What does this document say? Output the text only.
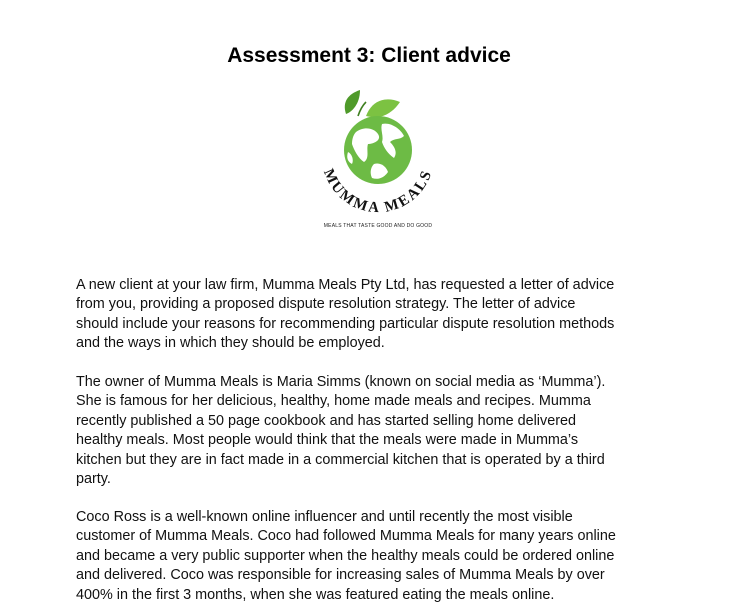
Assessment 3: Client advice
MUMMA MEALS
MEALS THAT TASTE GOOD AND DO GOOD
A new client at your law firm, Mumma Meals Pty Ltd, has requested a letter of advice
from you, providing a proposed dispute resolution strategy. The letter of advice
should include your reasons for recommending particular dispute resolution methods
and the ways in which they should be employed.
The owner of Mumma Meals is Maria Simms (known on social media as ‘Mumma’).
She is famous for her delicious, healthy, home made meals and recipes. Mumma
recently published a 50 page cookbook and has started selling home delivered
healthy meals. Most people would think that the meals were made in Mumma’s
kitchen but they are in fact made in a commercial kitchen that is operated by a third
party.
Coco Ross is a well-known online influencer and until recently the most visible
customer of Mumma Meals. Coco had followed Mumma Meals for many years online
and became a very public supporter when the healthy meals could be ordered online
and delivered. Coco was responsible for increasing sales of Mumma Meals by over
400% in the first 3 months, when she was featured eating the meals online.
